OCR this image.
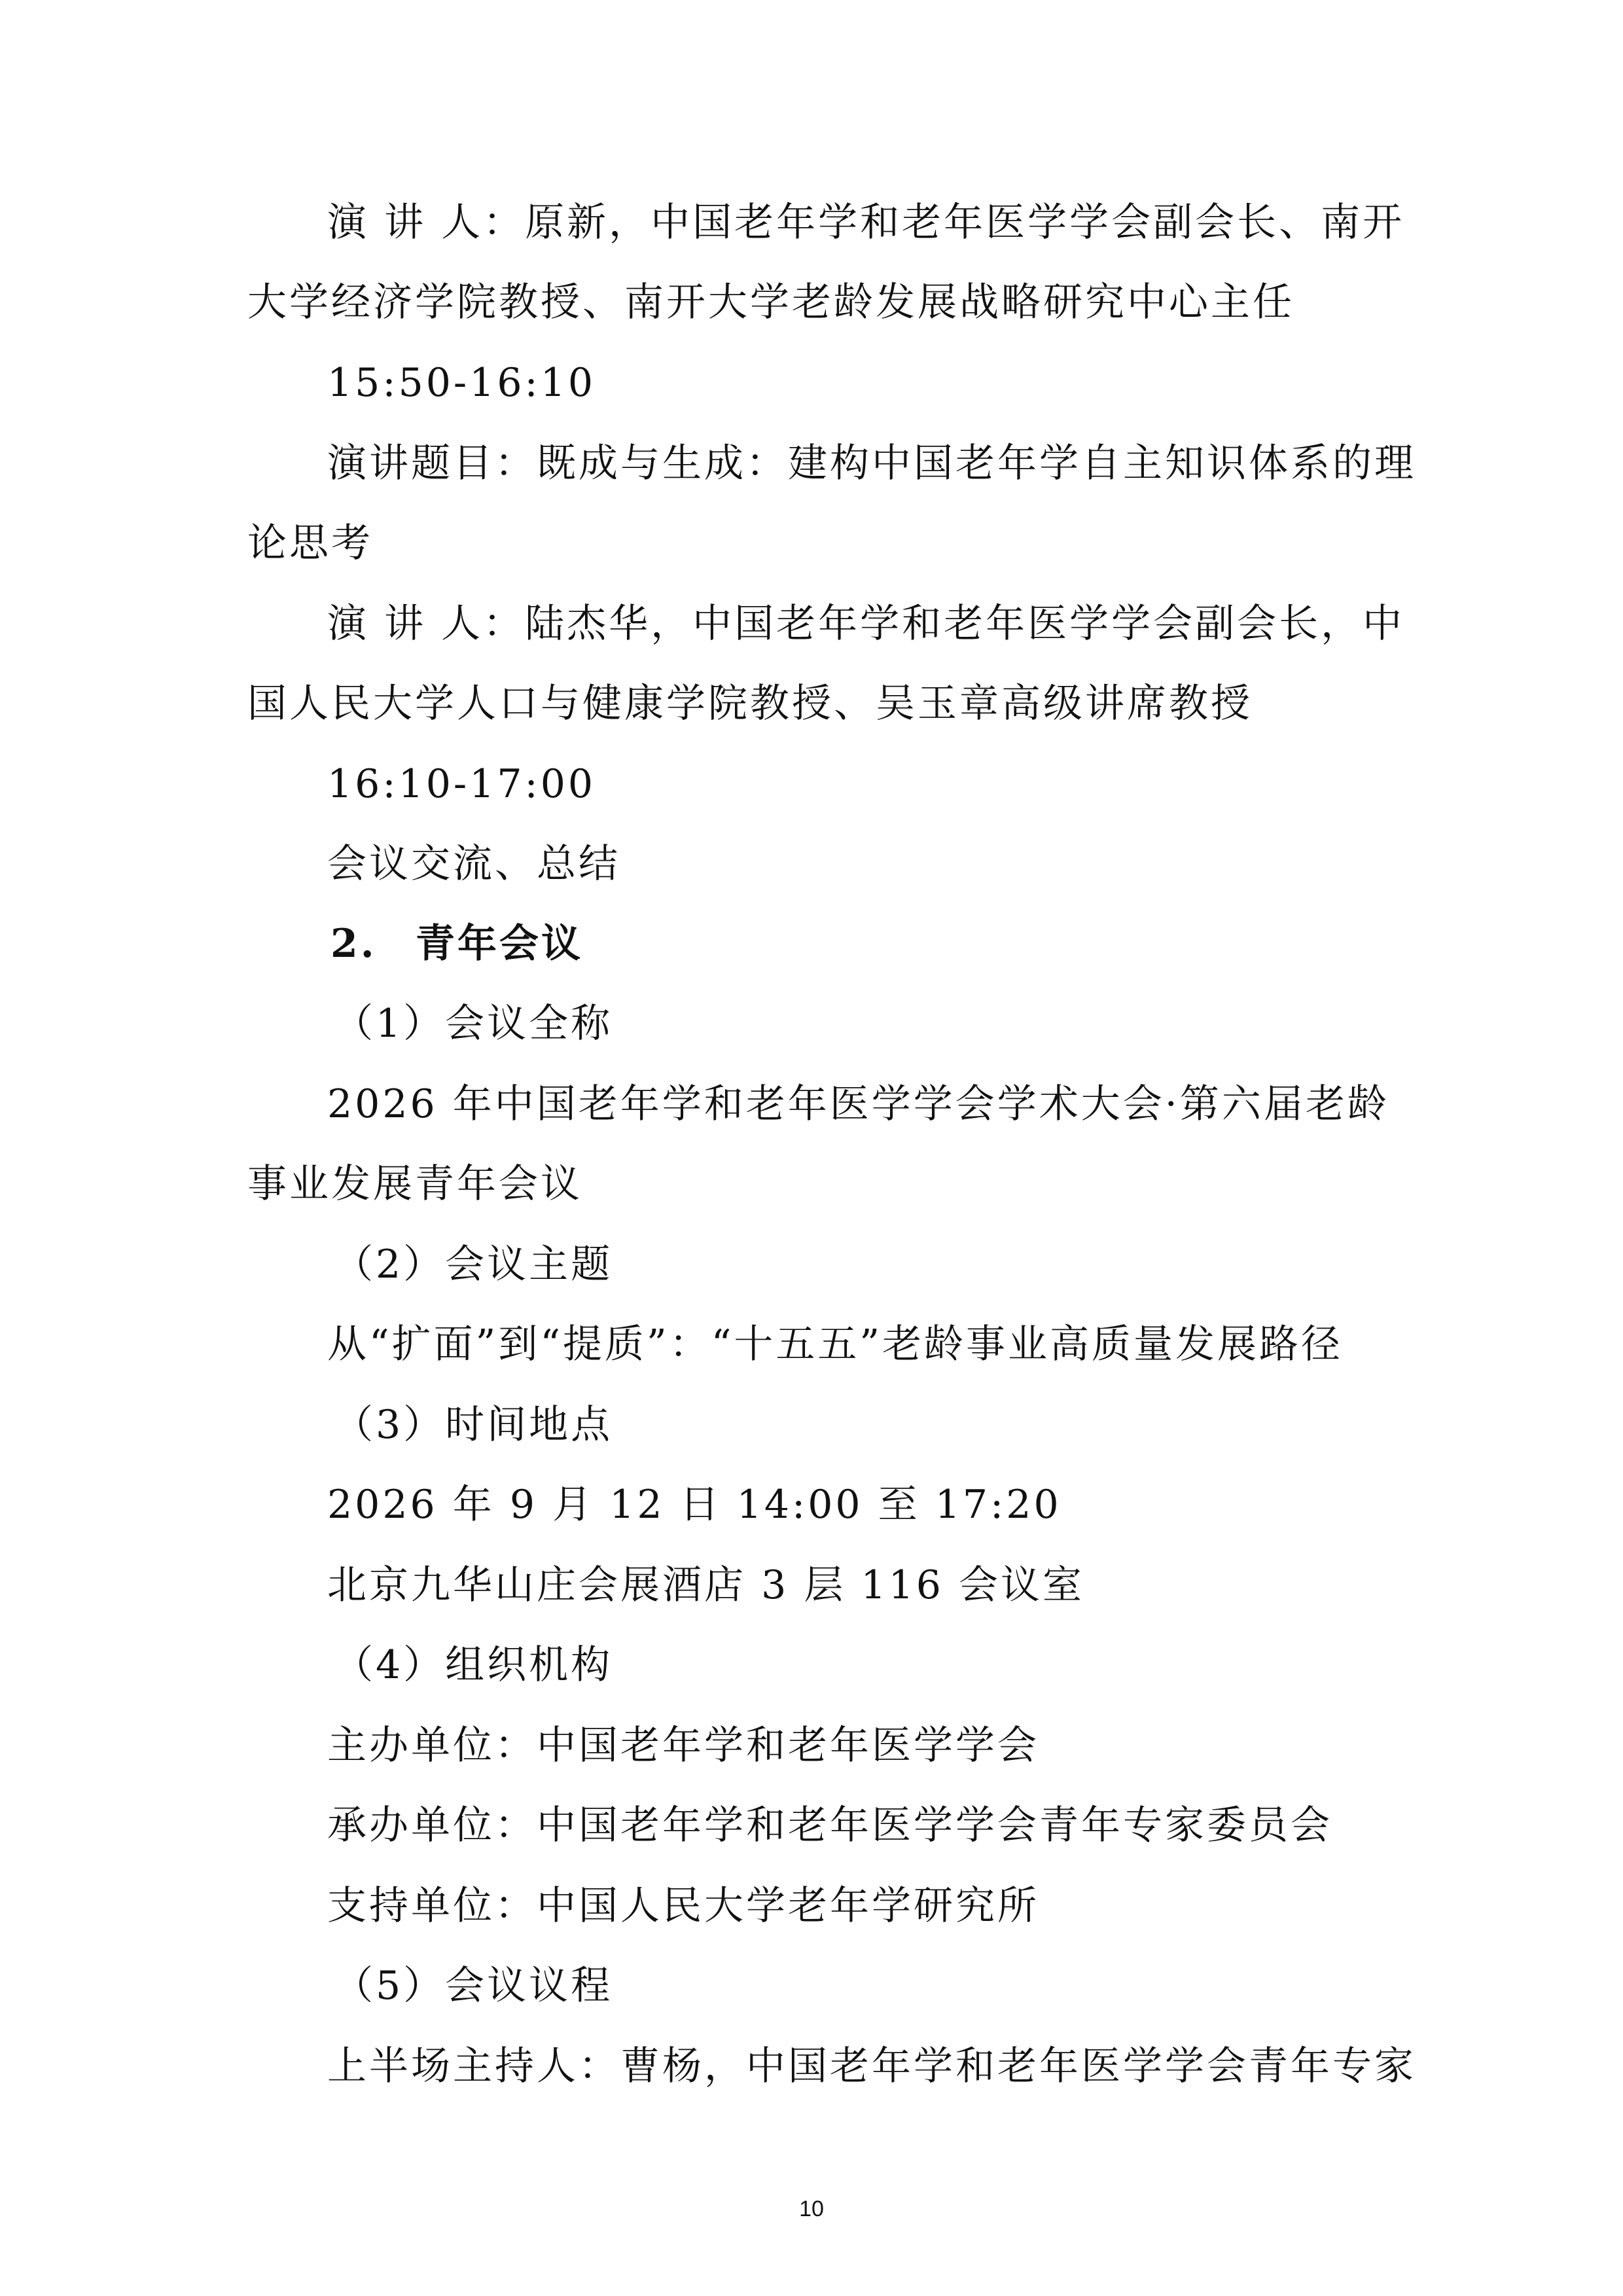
演 讲 人：原新，中国老年学和老年医学学会副会长、南开
大学经济学院教授、南开大学老龄发展战略研究中心主任
15:50-16:10
演讲题目：既成与生成：建构中国老年学自主知识体系的理
论思考
演 讲 人：陆杰华，中国老年学和老年医学学会副会长，中
国人民大学人口与健康学院教授、吴玉章高级讲席教授
16:10-17:00
会议交流、总结
2. 青年会议
（1）会议全称
2026 年中国老年学和老年医学学会学术大会·第六届老龄
事业发展青年会议
（2）会议主题
从“扩面”到“提质”：“十五五”老龄事业高质量发展路径
（3）时间地点
2026 年 9 月 12 日 14:00 至 17:20
北京九华山庄会展酒店 3 层 116 会议室
（4）组织机构
主办单位：中国老年学和老年医学学会
承办单位：中国老年学和老年医学学会青年专家委员会
支持单位：中国人民大学老年学研究所
（5）会议议程
上半场主持人：曹杨，中国老年学和老年医学学会青年专家
10
